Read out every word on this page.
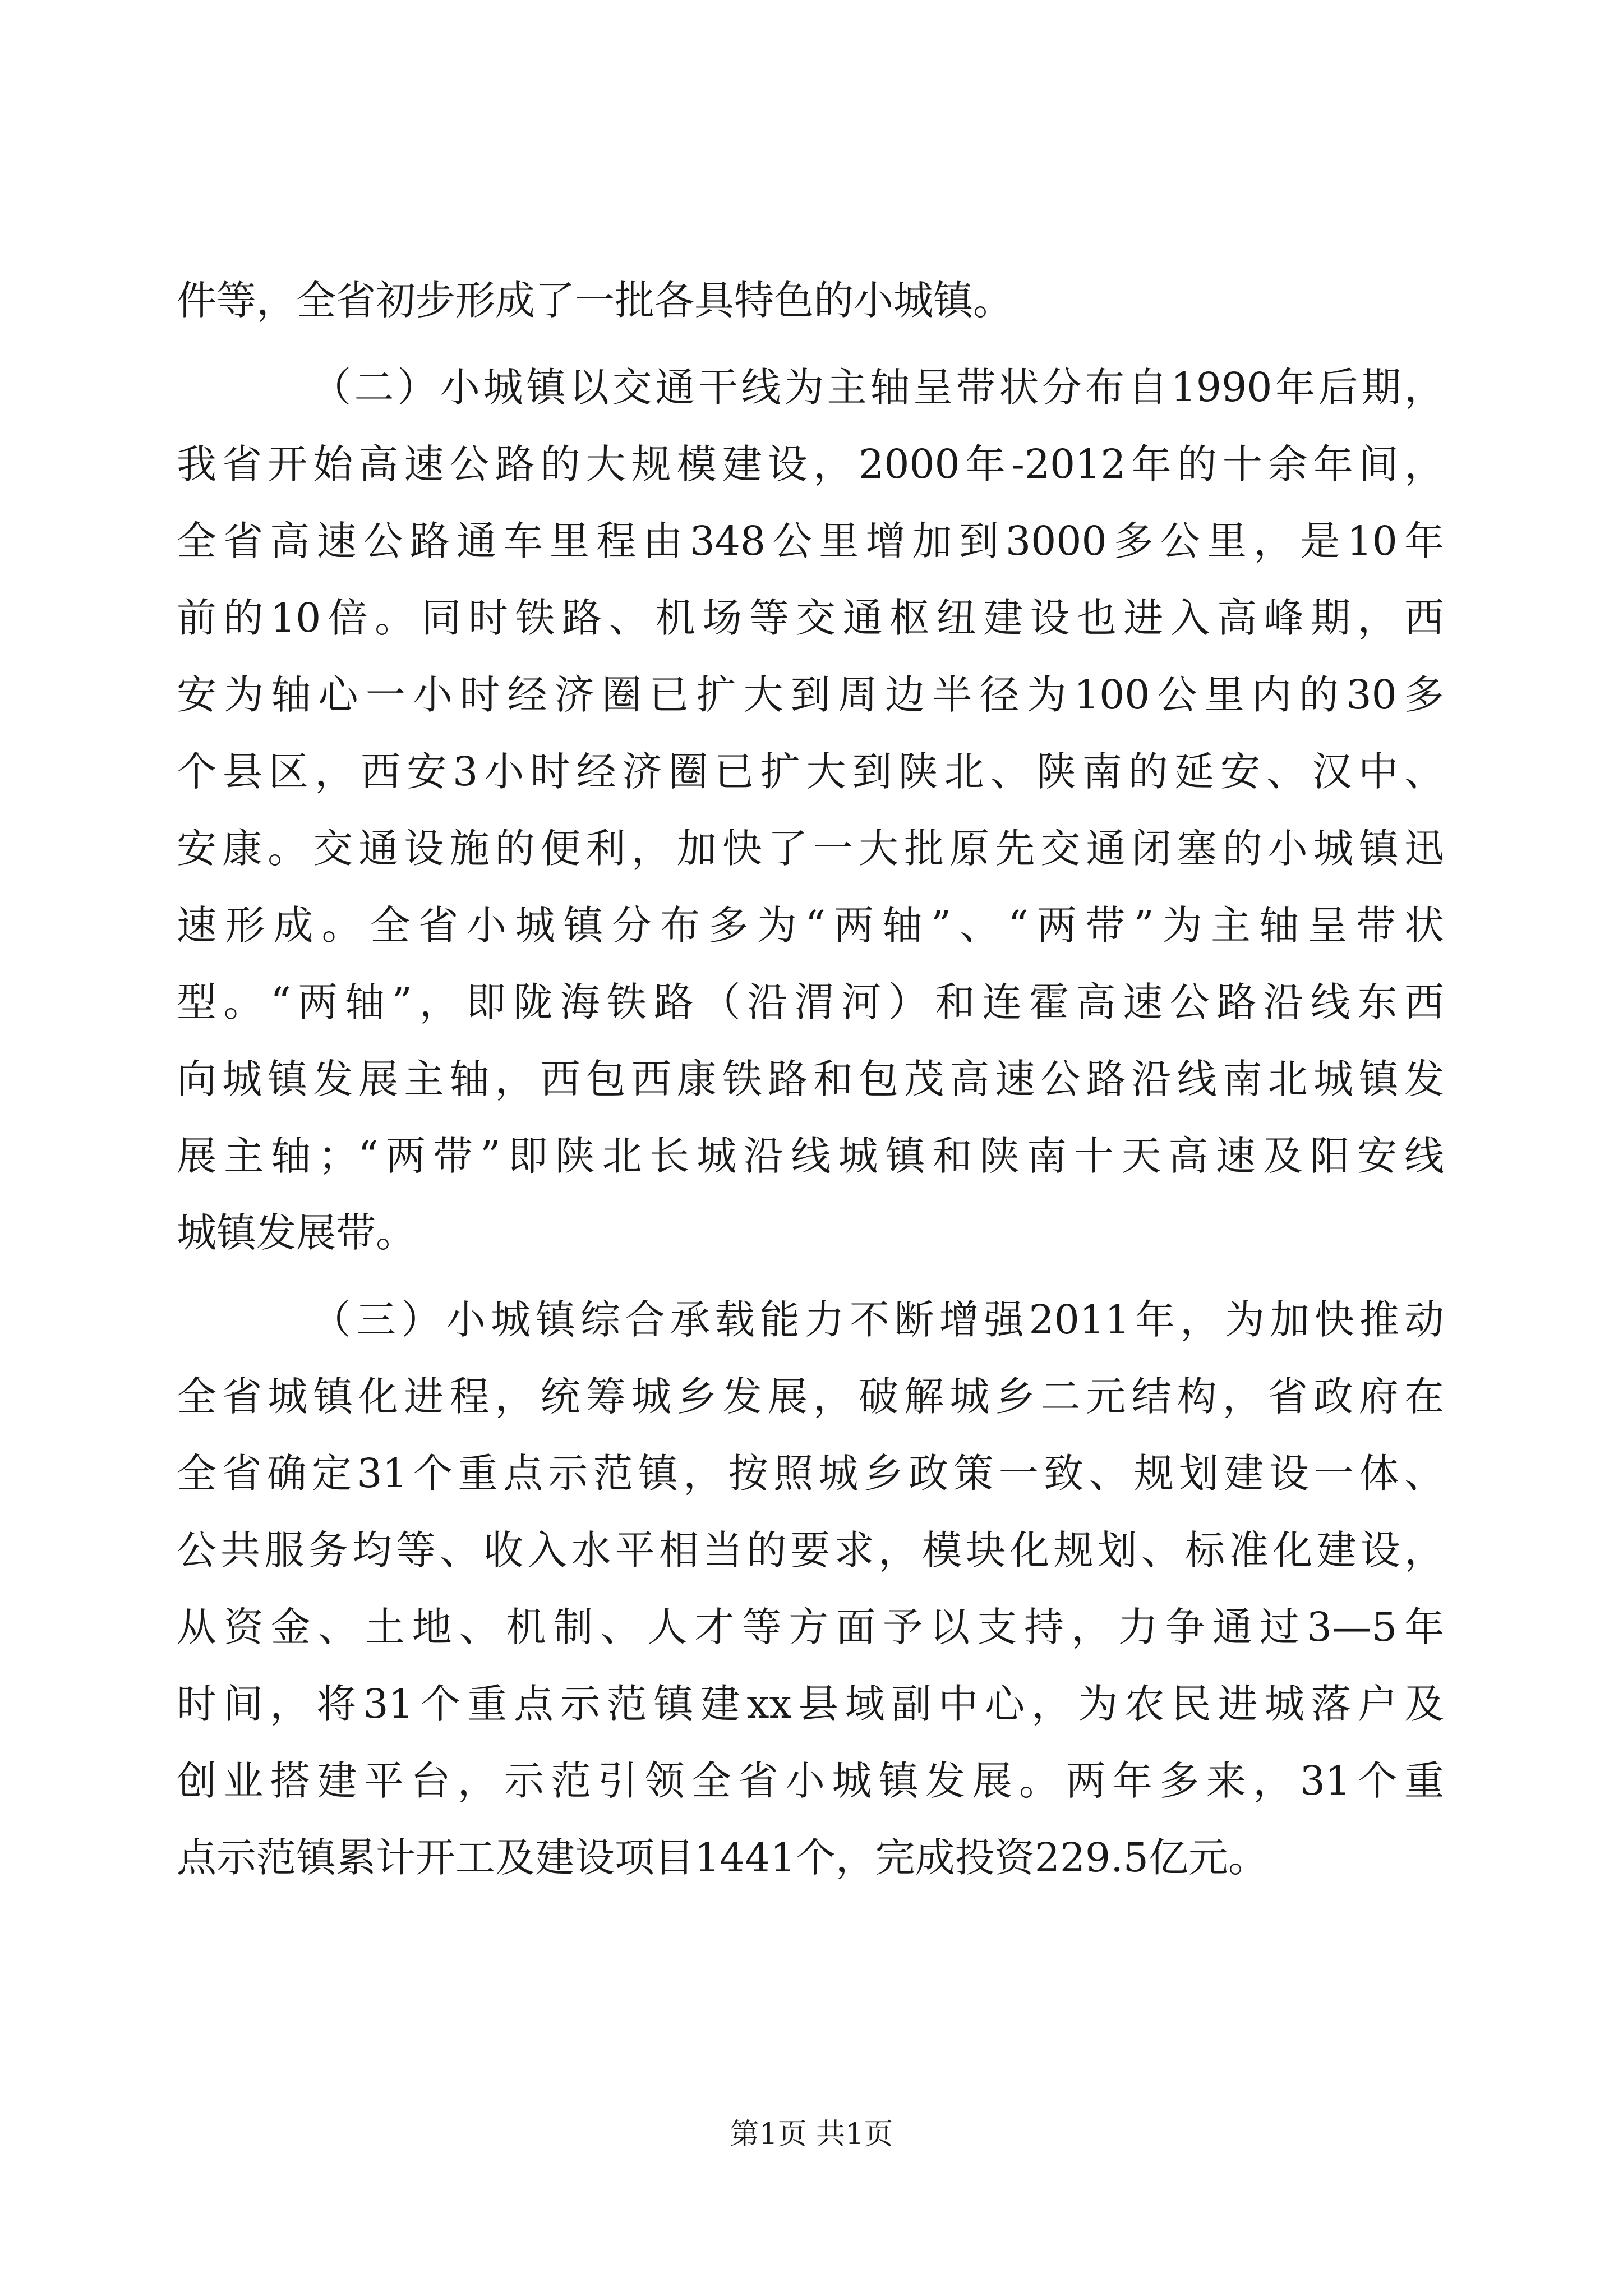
件等，全省初步形成了一批各具特色的小城镇。
（二）小城镇以交通干线为主轴呈带状分布自1990年后期，
我省开始高速公路的大规模建设，2000年-2012年的十余年间，
全省高速公路通车里程由348公里增加到3000多公里，是10年
前的10倍。同时铁路、机场等交通枢纽建设也进入高峰期，西
安为轴心一小时经济圈已扩大到周边半径为100公里内的30多
个县区，西安3小时经济圈已扩大到陕北、陕南的延安、汉中、
安康。交通设施的便利，加快了一大批原先交通闭塞的小城镇迅
速形成。全省小城镇分布多为“两轴”、“两带”为主轴呈带状
型。“两轴”，即陇海铁路（沿渭河）和连霍高速公路沿线东西
向城镇发展主轴，西包西康铁路和包茂高速公路沿线南北城镇发
展主轴；“两带”即陕北长城沿线城镇和陕南十天高速及阳安线
城镇发展带。
（三）小城镇综合承载能力不断增强2011年，为加快推动
全省城镇化进程，统筹城乡发展，破解城乡二元结构，省政府在
全省确定31个重点示范镇，按照城乡政策一致、规划建设一体、
公共服务均等、收入水平相当的要求，模块化规划、标准化建设，
从资金、土地、机制、人才等方面予以支持，力争通过3—5年
时间，将31个重点示范镇建xx县域副中心，为农民进城落户及
创业搭建平台，示范引领全省小城镇发展。两年多来，31个重
点示范镇累计开工及建设项目1441个，完成投资229.5亿元。
第1页 共1页
